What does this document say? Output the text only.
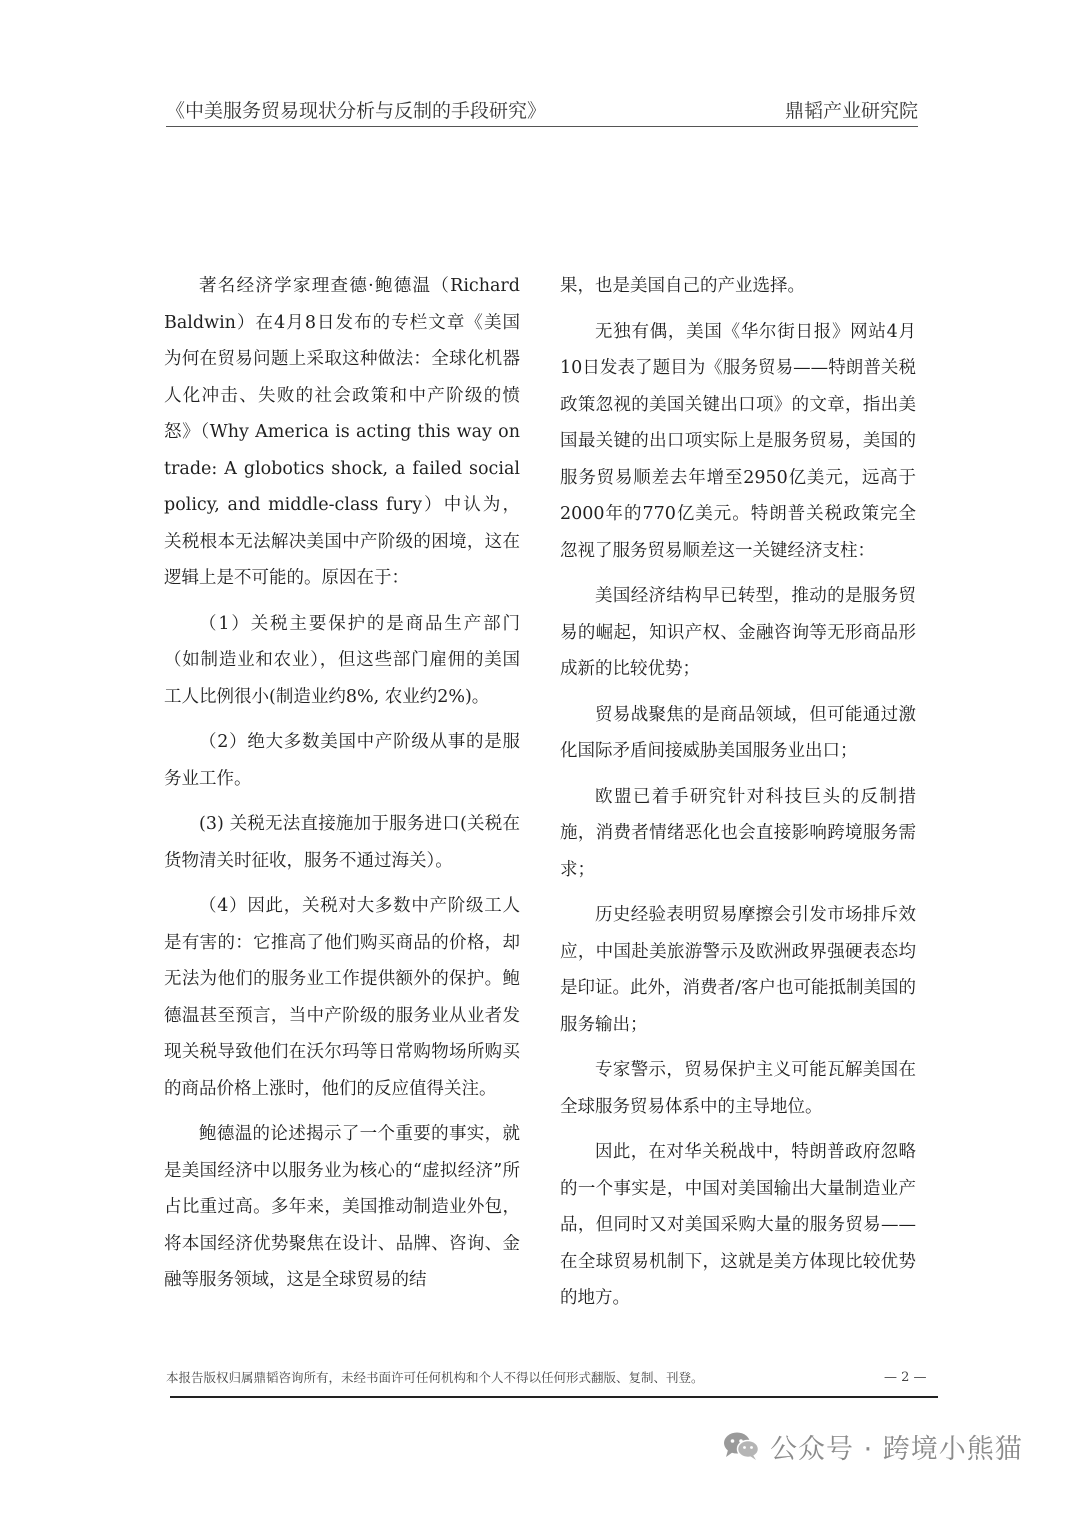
《中美服务贸易现状分析与反制的手段研究》	鼎韬产业研究院

著名经济学家理查德·鲍德温（Richard Baldwin）在4月8日发布的专栏文章《美国为何在贸易问题上采取这种做法：全球化机器人化冲击、失败的社会政策和中产阶级的愤怒》（Why America is acting this way on trade: A globotics shock, a failed social policy, and middle-class fury）中认为，关税根本无法解决美国中产阶级的困境，这在逻辑上是不可能的。原因在于：

（1）关税主要保护的是商品生产部门（如制造业和农业），但这些部门雇佣的美国工人比例很小(制造业约8%, 农业约2%)。

（2）绝大多数美国中产阶级从事的是服务业工作。

(3) 关税无法直接施加于服务进口(关税在货物清关时征收，服务不通过海关）。

（4）因此，关税对大多数中产阶级工人是有害的：它推高了他们购买商品的价格，却无法为他们的服务业工作提供额外的保护。鲍德温甚至预言，当中产阶级的服务业从业者发现关税导致他们在沃尔玛等日常购物场所购买的商品价格上涨时，他们的反应值得关注。

鲍德温的论述揭示了一个重要的事实，就是美国经济中以服务业为核心的“虚拟经济”所占比重过高。多年来，美国推动制造业外包，将本国经济优势聚焦在设计、品牌、咨询、金融等服务领域，这是全球贸易的结

果，也是美国自己的产业选择。

无独有偶，美国《华尔街日报》网站4月10日发表了题目为《服务贸易——特朗普关税政策忽视的美国关键出口项》的文章，指出美国最关键的出口项实际上是服务贸易，美国的服务贸易顺差去年增至2950亿美元，远高于2000年的770亿美元。特朗普关税政策完全忽视了服务贸易顺差这一关键经济支柱：

美国经济结构早已转型，推动的是服务贸易的崛起，知识产权、金融咨询等无形商品形成新的比较优势；

贸易战聚焦的是商品领域，但可能通过激化国际矛盾间接威胁美国服务业出口；

欧盟已着手研究针对科技巨头的反制措施，消费者情绪恶化也会直接影响跨境服务需求；

历史经验表明贸易摩擦会引发市场排斥效应，中国赴美旅游警示及欧洲政界强硬表态均是印证。此外，消费者/客户也可能抵制美国的服务输出；

专家警示，贸易保护主义可能瓦解美国在全球服务贸易体系中的主导地位。

因此，在对华关税战中，特朗普政府忽略的一个事实是，中国对美国输出大量制造业产品，但同时又对美国采购大量的服务贸易——在全球贸易机制下，这就是美方体现比较优势的地方。

本报告版权归属鼎韬咨询所有，未经书面许可任何机构和个人不得以任何形式翻版、复制、刊登。	— 2 —
公众号 · 跨境小熊猫
